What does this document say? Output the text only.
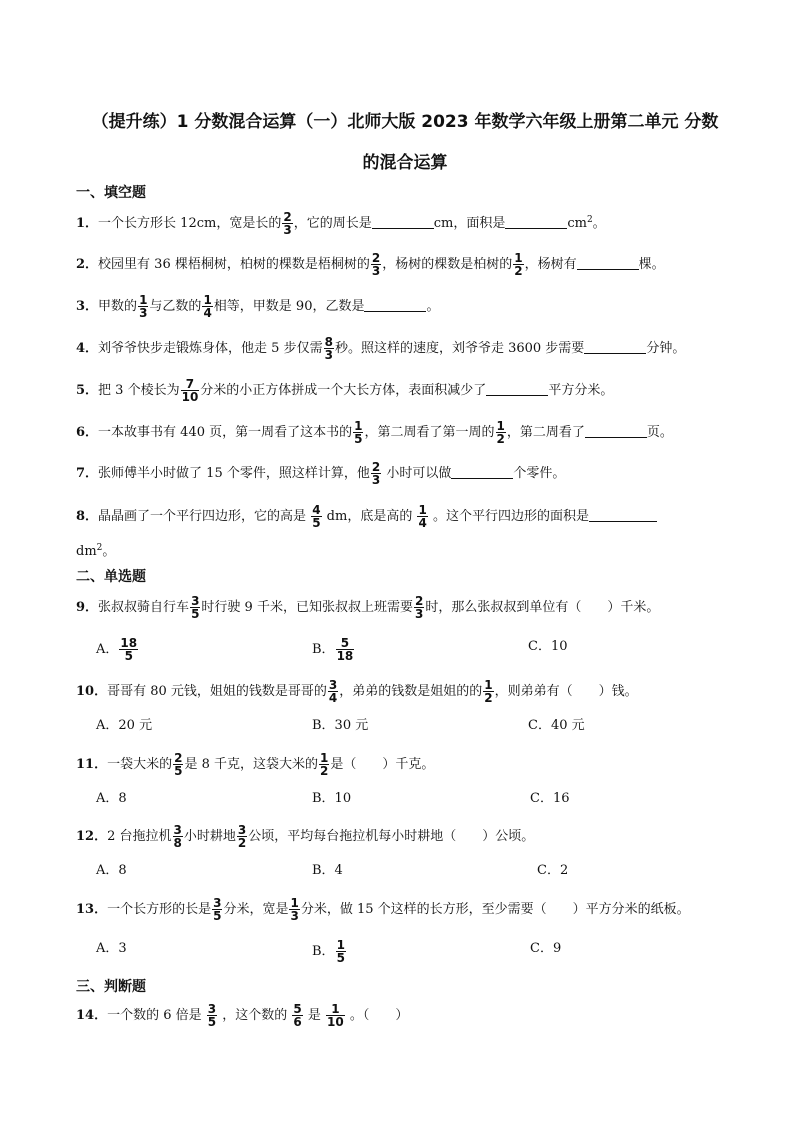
（提升练）1 分数混合运算（一）北师大版 2023 年数学六年级上册第二单元 分数
的混合运算
一、填空题
1．一个长方形长 12cm，宽是长的 $\frac{2}{3}$ ，它的周长是	cm，面积是	$cm^2$。
2．校园里有 36 棵梧桐树，柏树的棵数是梧桐树的 $\frac{2}{3}$ ，杨树的棵数是柏树的 $\frac{1}{2}$ ，杨树有	棵。
3．甲数的 $\frac{1}{3}$ 与乙数的 $\frac{1}{4}$ 相等，甲数是 90，乙数是	。
4．刘爷爷快步走锻炼身体，他走 5 步仅需 $\frac{8}{3}$ 秒。照这样的速度，刘爷爷走 3600 步需要	分钟。
5．把 3 个棱长为 $\frac{7}{10}$ 分米的小正方体拼成一个大长方体，表面积减少了	平方分米。
6．一本故事书有 440 页，第一周看了这本书的 $\frac{1}{5}$ ，第二周看了第一周的 $\frac{1}{2}$ ，第二周看了	页。
7．张师傅半小时做了 15 个零件，照这样计算，他 $\frac{2}{3}$ 小时可以做	个零件。
8．晶晶画了一个平行四边形，它的高是 $\frac{4}{5}$ dm，底是高的 $\frac{1}{4}$ 。这个平行四边形的面积是
$dm^2$。
二、单选题
9．张叔叔骑自行车 $\frac{3}{5}$ 时行驶 9 千米，已知张叔叔上班需要 $\frac{2}{3}$ 时，那么张叔叔到单位有（　　）千米。
A． $\frac{18}{5}$	B． $\frac{5}{18}$	C．10
10．哥哥有 80 元钱，姐姐的钱数是哥哥的 $\frac{3}{4}$ ，弟弟的钱数是姐姐的的 $\frac{1}{2}$ ，则弟弟有（　　）钱。
A．20 元	B．30 元	C．40 元
11．一袋大米的 $\frac{2}{5}$ 是 8 千克，这袋大米的 $\frac{1}{2}$ 是（　　）千克。
A．8	B．10	C．16
12．2 台拖拉机 $\frac{3}{8}$ 小时耕地 $\frac{3}{2}$ 公顷，平均每台拖拉机每小时耕地（　　）公顷。
A．8	B．4	C．2
13．一个长方形的长是 $\frac{3}{5}$ 分米，宽是 $\frac{1}{3}$ 分米，做 15 个这样的长方形，至少需要（　　）平方分米的纸板。
A．3	B． $\frac{1}{5}$	C．9
三、判断题
14．一个数的 6 倍是 $\frac{3}{5}$ ，这个数的 $\frac{5}{6}$ 是 $\frac{1}{10}$ 。（　　）
